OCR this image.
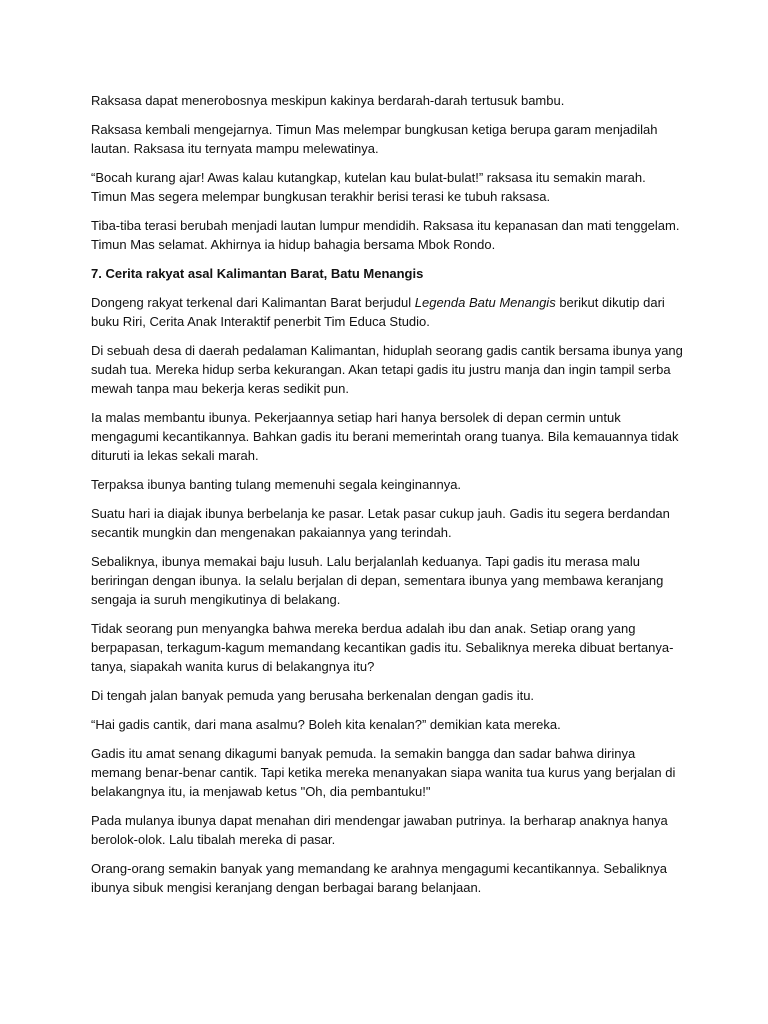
Raksasa dapat menerobosnya meskipun kakinya berdarah-darah tertusuk bambu.

Raksasa kembali mengejarnya. Timun Mas melempar bungkusan ketiga berupa garam menjadilah lautan. Raksasa itu ternyata mampu melewatinya.

“Bocah kurang ajar! Awas kalau kutangkap, kutelan kau bulat-bulat!” raksasa itu semakin marah. Timun Mas segera melempar bungkusan terakhir berisi terasi ke tubuh raksasa.

Tiba-tiba terasi berubah menjadi lautan lumpur mendidih. Raksasa itu kepanasan dan mati tenggelam. Timun Mas selamat. Akhirnya ia hidup bahagia bersama Mbok Rondo.

7. Cerita rakyat asal Kalimantan Barat, Batu Menangis

Dongeng rakyat terkenal dari Kalimantan Barat berjudul Legenda Batu Menangis berikut dikutip dari buku Riri, Cerita Anak Interaktif penerbit Tim Educa Studio.

Di sebuah desa di daerah pedalaman Kalimantan, hiduplah seorang gadis cantik bersama ibunya yang sudah tua. Mereka hidup serba kekurangan. Akan tetapi gadis itu justru manja dan ingin tampil serba mewah tanpa mau bekerja keras sedikit pun.

Ia malas membantu ibunya. Pekerjaannya setiap hari hanya bersolek di depan cermin untuk mengagumi kecantikannya. Bahkan gadis itu berani memerintah orang tuanya. Bila kemauannya tidak dituruti ia lekas sekali marah.

Terpaksa ibunya banting tulang memenuhi segala keinginannya.

Suatu hari ia diajak ibunya berbelanja ke pasar. Letak pasar cukup jauh. Gadis itu segera berdandan secantik mungkin dan mengenakan pakaiannya yang terindah.

Sebaliknya, ibunya memakai baju lusuh. Lalu berjalanlah keduanya. Tapi gadis itu merasa malu beriringan dengan ibunya. Ia selalu berjalan di depan, sementara ibunya yang membawa keranjang sengaja ia suruh mengikutinya di belakang.

Tidak seorang pun menyangka bahwa mereka berdua adalah ibu dan anak. Setiap orang yang berpapasan, terkagum-kagum memandang kecantikan gadis itu. Sebaliknya mereka dibuat bertanya-tanya, siapakah wanita kurus di belakangnya itu?

Di tengah jalan banyak pemuda yang berusaha berkenalan dengan gadis itu.

“Hai gadis cantik, dari mana asalmu? Boleh kita kenalan?” demikian kata mereka.

Gadis itu amat senang dikagumi banyak pemuda. Ia semakin bangga dan sadar bahwa dirinya memang benar-benar cantik. Tapi ketika mereka menanyakan siapa wanita tua kurus yang berjalan di belakangnya itu, ia menjawab ketus "Oh, dia pembantuku!"

Pada mulanya ibunya dapat menahan diri mendengar jawaban putrinya. Ia berharap anaknya hanya berolok-olok. Lalu tibalah mereka di pasar.

Orang-orang semakin banyak yang memandang ke arahnya mengagumi kecantikannya. Sebaliknya ibunya sibuk mengisi keranjang dengan berbagai barang belanjaan.
